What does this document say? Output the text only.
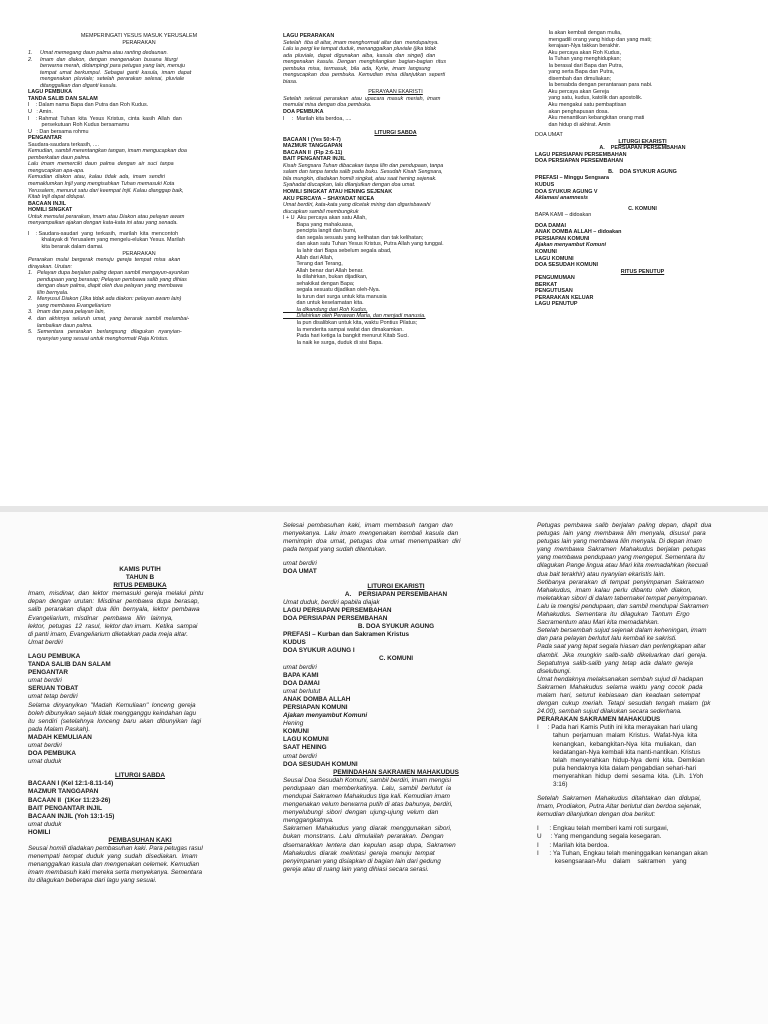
MEMPERINGATI YESUS MASUK YERUSALEM
PERARAKAN
1.     Umat memegang daun palma atau ranting dedaunan.
2.     Imam  dan  diakon,  dengan  mengenakan  busana  liturgi
berwarna merah, didampingi para petugas yang lain, menuju
tempat  umat  berkumpul.  Sebagai  ganti  kasula,  imam  dapat
mengenakan  pluviale;  setelah  perarakan  selesai,  pluviale
ditanggalkan dan diganti kasula.
LAGU PEMBUKA
TANDA SALIB DAN SALAM
I    : Dalam nama Bapa dan Putra dan Roh Kudus.
U   : Amin.
I    : Rahmat  Tuhan  kita  Yesus  Kristus,  cinta  kasih  Allah  dan
persekutuan Roh Kudus bersamamu
U   : Dan bersama rohmu
PENGANTAR
Saudara-saudara terkasih, ....
Kemudian, sambil merentangkan tangan, imam mengucapkan doa
pemberkatan daun palma.
Lalu  imam  memerciki  daun  palma  dengan  air  suci  tanpa
mengucapkan apa-apa.
Kemudian  diakon  atau,  kalau  tidak  ada,  imam  sendiri
memaklumkan Injil yang mengisahkan Tuhan memasuki Kota
Yerusalem, menurut satu dari keempat Injil. Kalau dianggap baik,
Kitab Injil dapat didupai.
BACAAN INJIL
HOMILI SINGKAT
Untuk memulai perarakan, imam atau Diakon atau pelayan awam
menyampaikan ajakan dengan kata-kata ini atau yang senada.
I    : Saudara-saudari  yang  terkasih,  marilah  kita  mencontoh
khalayak di Yerusalem yang mengelu-elukan Yesus. Marilah
kita berarak dalam damai.
PERARAKAN
Perarakan  mulai  bergerak  menuju  gereja  tempat  misa  akan
dirayakan. Urutan:
1.   Pelayan dupa berjalan paling depan sambil mengayun-ayunkan
pendupaan yang berasap; Pelayan pembawa salib yang dihias
dengan daun palma, diapit oleh dua pelayan yang membawa
lilin bernyala.
2.   Menyusul Diakon (Jika tidak ada diakon: pelayan awam lain)
yang membawa Evangeliarium
3.   Imam dan para pelayan lain,
4.   dan  akhirnya  seluruh  umat,  yang  berarak  sambil  melambai-
lambaikan daun palma.
5.   Sementara   perarakan   berlangsung   dilagukan   nyanyian-
nyanyian yang sesuai untuk menghormati Raja Kristus.
LAGU PERARAKAN
Setelah  tiba di altar, imam menghormati altar dan  mendupainya.
Lalu ia pergi ke tempat duduk, menanggalkan pluviale (jika tidak
ada  pluviale,  dapat  digunakan  alba,  kasula  dan  singel)  dan
mengenakan  kasula.  Dengan  menghilangkan  bagian-bagian  ritus
pembuka  misa,  termasuk,  bila  ada,  Kyrie,  imam  langsung
mengucapkan  doa  pembuka.  Kemudian  misa  dilanjutkan  seperti
biasa.
PERAYAAN EKARISTI
Setelah  selesai  perarakan  atau  upacara  masuk  meriah,  imam
memulai misa dengan doa pembuka.
DOA PEMBUKA
I     :  Marilah kita berdoa, ....
LITURGI SABDA
BACAAN I (Yes 50:4-7)
MAZMUR TANGGAPAN
BACAAN II  (Flp 2:6-11)
BAIT PENGANTAR INJIL
Kisah Sengsara Tuhan dibacakan tanpa lilin dan pendupaan, tanpa
salam dan tanpa tanda salib pada buku. Sesudah Kisah Sengsara,
bila mungkin, diadakan homili singkat, atau saat hening sejenak.
Syahadat diucapkan, lalu dilanjutkan dengan doa umat.
HOMILI SINGKAT ATAU HENING SEJENAK
AKU PERCAYA – SHAYADAT NICEA
Umat berdiri, kata-kata yang dicetak miring dan digarisbawahi
diucapkan sambil membungkuk
I + U  Aku percaya akan satu Allah,
Bapa yang mahakuasa,
pencipta langit dan bumi,
dan segala sesuatu yang kelihatan dan tak kelihatan;
dan akan satu Tuhan Yesus Kristus, Putra Allah yang tunggal.
Ia lahir dari Bapa sebelum segala abad,
Allah dari Allah,
Terang dari Terang,
Allah benar dari Allah benar.
Ia dilahirkan, bukan dijadikan,
sehakikat dengan Bapa;
segala sesuatu dijadikan oleh-Nya.
Ia turun dari surga untuk kita manusia
dan untuk keselamatan kita.
Ia dikandung dari Roh Kudus,
Dilahirkan oleh Perawan Maria, dan menjadi manusia.
Ia pun disalibkan untuk kita, waktu Pontius Pilatus;
Ia menderita sampai wafat dan dimakamkan.
Pada hari ketiga Ia bangkit menurut Kitab Suci.
Ia naik ke surga, duduk di sisi Bapa.
Ia akan kembali dengan mulia,
mengadili orang yang hidup dan yang mati;
kerajaan-Nya takkan berakhir.
Aku percaya akan Roh Kudus,
Ia Tuhan yang menghidupkan;
Ia berasal dari Bapa dan Putra,
yang serta Bapa dan Putra,
disembah dan dimuliakan;
Ia bersabda dengan perantaraan para nabi.
Aku percaya akan Gereja
yang satu, kudus, katolik dan apostolik.
Aku mengakui satu pembaptisan
akan penghapusan dosa.
Aku menantikan kebangkitan orang mati
dan hidup di akhirat. Amin
DOA UMAT
LITURGI EKARISTI
A.    PERSIAPAN PERSEMBAHAN
LAGU PERSIAPAN PERSEMBAHAN
DOA PERSIAPAN PERSEMBAHAN
B.    DOA SYUKUR AGUNG
PREFASI – Minggu Sengsara
KUDUS
DOA SYUKUR AGUNG V
Aklamasi anamnesis
C. KOMUNI
BAPA KAMI – didoakan
DOA DAMAI
ANAK DOMBA ALLAH – didoakan
PERSIAPAN KOMUNI
Ajakan menyambut Komuni
KOMUNI
LAGU KOMUNI
DOA SESUDAH KOMUNI
RITUS PENUTUP
PENGUMUMAN
BERKAT
PENGUTUSAN
PERARAKAN KELUAR
LAGU PENUTUP
KAMIS PUTIH
TAHUN B
RITUS PEMBUKA
Imam,  misdinar,  dan  lektor  memasuki  gereja  melalui  pintu
depan  dengan  urutan:  Misdinar  pembawa  dupa  berasap,
salib  perarakan  diapit  dua  lilin  bernyala,  lektor  pembawa
Evangeliarium,  misdinar   pembawa   lilin   lainnya,
lektor,  petugas  12  rasul,  lektor dan imam.  Ketika  sampai
di panti imam, Evangeliarium diletakkan pada meja altar.
Umat berdiri
LAGU PEMBUKA
TANDA SALIB DAN SALAM
PENGANTAR
umat berdiri
SERUAN TOBAT
umat tetap berdiri
Selama  dinyanyikan  "Madah  Kemuliaan"  lonceng  gereja
boleh dibunyikan sejauh tidak mengganggu keindahan lagu
itu  sendiri  (setelahnya  lonceng  baru  akan  dibunyikan  lagi
pada Malam Paskah).
MADAH KEMULIAAN
umat berdiri
DOA PEMBUKA
umat duduk
LITURGI SABDA
BACAAN I (Kel 12:1-8.11-14)
MAZMUR TANGGAPAN
BACAAN II  (1Kor 11:23-26)
BAIT PENGANTAR INJIL
BACAAN INJIL (Yoh 13:1-15)
umat duduk
HOMILI
PEMBASUHAN KAKI
Seusai homili diadakan pembasuhan kaki. Para petugas rasul
menempati  tempat  duduk  yang  sudah  disediakan.  Imam
menanggalkan kasula dan mengenakan celemek. Kemudian
imam membasuh kaki mereka serta menyekanya. Sementara
itu dilagukan beberapa dari lagu yang sesuai.
Selesai  pembasuhan  kaki,  imam  membasuh  tangan  dan
menyekanya.  Lalu  imam  mengenakan  kembali  kasula  dan
memimpin  doa  umat,  petugas  doa  umat  menempatkan  diri
pada tempat yang sudah ditentukan.
umat berdiri
DOA UMAT
LITURGI EKARISTI
A.    PERSIAPAN PERSEMBAHAN
Umat duduk, berdiri apabila diajak
LAGU PERSIAPAN PERSEMBAHAN
DOA PERSIAPAN PERSEMBAHAN
B. DOA SYUKUR AGUNG
PREFASI – Kurban dan Sakramen Kristus
KUDUS
DOA SYUKUR AGUNG I
C. KOMUNI
umat berdiri
BAPA KAMI
DOA DAMAI
umat berlutut
ANAK DOMBA ALLAH
PERSIAPAN KOMUNI
Ajakan menyambut Komuni
Hening
KOMUNI
LAGU KOMUNI
SAAT HENING
umat berdiri
DOA SESUDAH KOMUNI
PEMINDAHAN SAKRAMEN MAHAKUDUS
Seusai Doa Sesudah Komuni, sambil berdiri, imam mengisi
pendupaan  dan  memberkatinya.  Lalu,  sambil  berlutut  ia
mendupai Sakramen Mahakudus tiga kali. Kemudian imam
mengenakan velum berwarna putih di atas bahunya, berdiri,
menyelubungi  sibori  dengan  ujung-ujung  velum  dan
menggangkatnya.
Sakramen  Mahakudus  yang  diarak  menggunakan  sibori,
bukan  monstrans.  Lalu  dimulailah  perarakan.  Dengan
disemarakkan  lentera  dan  kepulan  asap  dupa,  Sakramen
Mahakudus  diarak  melintasi  gereja  menuju  tempat
penyimpanan yang disiapkan di bagian lain dari gedung
gereja atau di ruang lain yang dihiasi secara serasi.
Petugas  pembawa  salib  berjalan  paling  depan,  diapit  dua
petugas  lain  yang  membawa  lilin  menyala,  disusul  para
petugas lain yang membawa lilin menyala. Di depan imam
yang  membawa  Sakramen  Mahakudus  berjalan  petugas
yang membawa pendupaan yang mengepul. Sementara itu
dilagukan Pange lingua atau Mari kita memadahkan (kecuali
dua bait terakhir) atau nyanyian ekaristis lain.
Setibanya  perarakan  di  tempat  penyimpanan  Sakramen
Mahakudus,  imam  kalau  perlu  dibantu  oleh  diakon,
meletakkan sibori di dalam tabernakel tempat penyimpanan.
Lalu ia mengisi pendupaan, dan sambil mendupai Sakramen
Mahakudus.  Sementara  itu  dilagukan  Tantum  Ergo
Sacramentum atau Mari kita memadahkan.
Setelah bersembah sujud sejenak dalam keheningan, imam
dan para pelayan berlutut lalu kembali ke sakristi.
Pada saat yang tepat segala hiasan dan perlengkapan altar
diambil.  Jika  mungkin  salib-salib  dikeluarkan  dari  gereja.
Sepatutnya  salib-salib  yang  tetap  ada  dalam  gereja
diselubungi.
Umat hendaknya melaksanakan sembah sujud di hadapan
Sakramen  Mahakudus  selama  waktu  yang  cocok  pada
malam  hari,  seturut  kebiasaan  dan  keadaan  setempat
dengan  cukup  meriah.  Tetapi  sesudah  tengah  malam  (pk
24.00), sembah sujud dilakukan secara sederhana.
PERARAKAN SAKRAMEN MAHAKUDUS
I     : Pada hari Kamis Putih ini kita merayakan hari ulang
tahun  perjamuan  malam  Kristus.  Wafat-Nya  kita
kenangkan,  kebangkitan-Nya  kita  muliakan,  dan
kedatangan-Nya kembali kita nanti-nantikan. Kristus
telah  menyerahkan  hidup-Nya  demi  kita.  Demikian
pula hendaknya kita dalam pengabdian sehari-hari
menyerahkan  hidup  demi  sesama  kita.  (Lih.  1Yoh
3:16)
Setelah  Sakramen  Mahakudus  ditahtakan  dan  didupai,
Imam, Prodiakon, Putra Altar berlutut dan berdoa sejenak,
kemudian dilanjutkan dengan doa berikut:
I      : Engkau telah memberi kami roti surgawi,
U     : Yang mengandung segala kesegaran.
I      : Marilah kita berdoa.
I      : Ya Tuhan, Engkau telah meninggalkan kenangan akan
kesengsaraan-Mu    dalam    sakramen    yang
